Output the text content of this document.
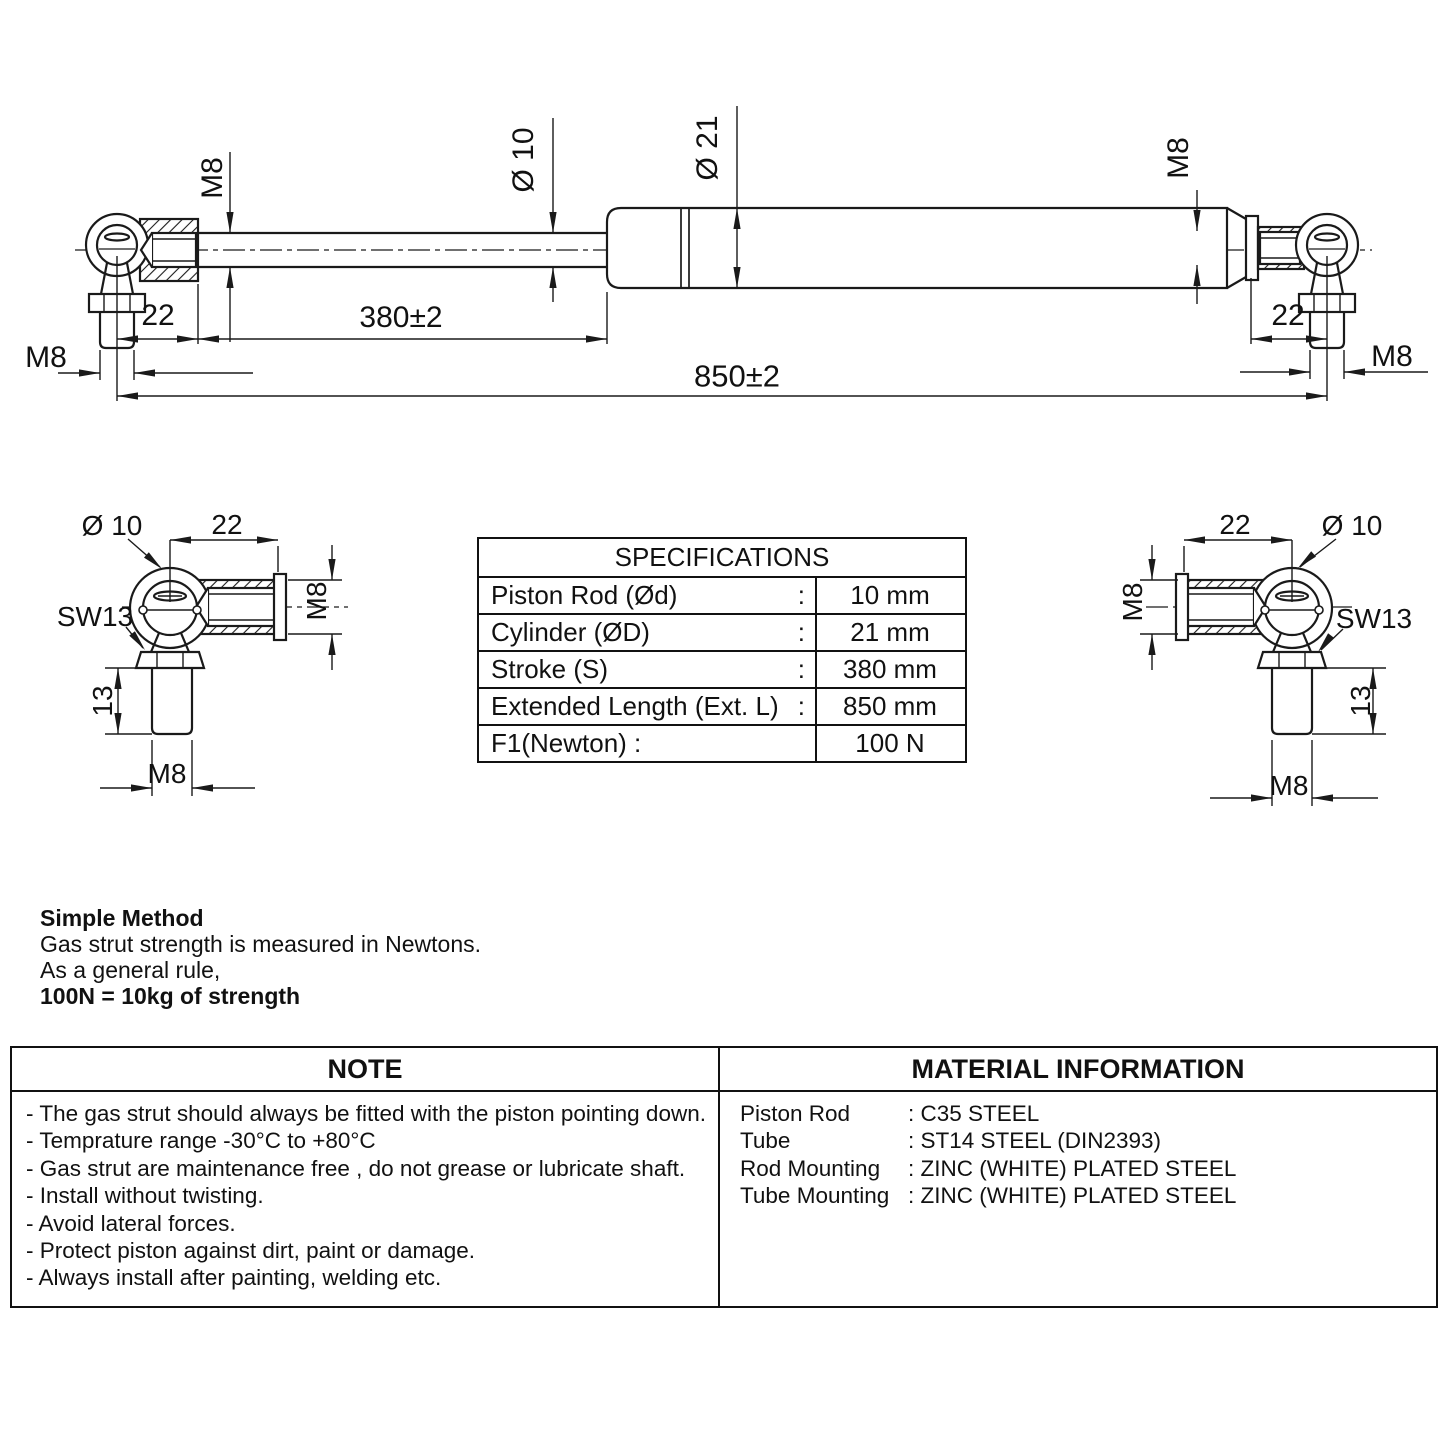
M8	Ø 10	Ø 21	M8
22	380±2
850±2
22
M8	M8
Ø 10 22
SW13	M8
13
M8
22	Ø 10
M8	SW13
13
M8
SPECIFICATIONS
Piston Rod (Ød)	:	10 mm
Cylinder (ØD)	:	21 mm
Stroke (S)	:	380 mm
Extended Length (Ext. L) :	850 mm
F1(Newton) :	100 N
Simple Method
Gas strut strength is measured in Newtons.
As a general rule,
100N = 10kg of strength
NOTE
- The gas strut should always be fitted with the piston pointing down.
- Temprature range -30°C to +80°C
- Gas strut are maintenance free , do not grease or lubricate shaft.
- Install without twisting.
- Avoid lateral forces.
- Protect piston against dirt, paint or damage.
- Always install after painting, welding etc.
MATERIAL INFORMATION
Piston Rod	: C35 STEEL
Tube	: ST14 STEEL (DIN2393)
Rod Mounting	: ZINC (WHITE) PLATED STEEL
Tube Mounting : ZINC (WHITE) PLATED STEEL
